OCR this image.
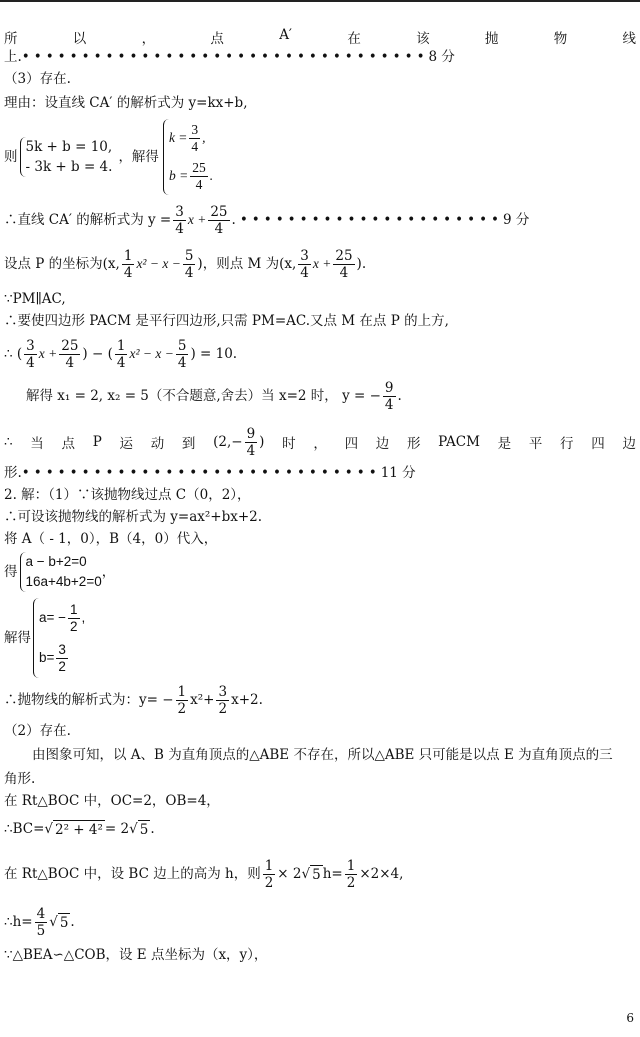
所	以	，	点	A′	在	该	抛	物	线
上.••••••••••••••••••••••••••••••••••8 分
（3）存在.
理由：设直线 CA′ 的解析式为 y=kx+b,
则
5k + b = 10,
- 3k + b = 4.
，解得
$k = \frac{3}{4}$ ,
$b = \frac{25}{4}$ .
∴直线 CA′ 的解析式为 $y = \frac{3}{4}$ $x + \frac{25}{4}$ . •••••••••••••••••••••• 9 分
设点 P 的坐标为(x, $\frac{1}{4} x^2 - x - \frac{5}{4}$ )，则点 M 为(x, $\frac{3}{4}$ $x + \frac{25}{4}$ ).
∵PM∥AC,
∴要使四边形 PACM 是平行四边形,只需 PM=AC.又点 M 在点 P 的上方,
∴ ( $\frac{3}{4}$ $x + \frac{25}{4}$ ) − ( $\frac{1}{4} x^2 - x - \frac{5}{4}$ ) = 10.
解得 x₁ = 2, x₂ = 5（不合题意,舍去）当 x=2 时， y = − $\frac{9}{4}$ .
∴ 当 点 P 运 动 到 ($2,- \frac{9}{4}$ ) 时 ， 四 边 形 PACM 是 平 行 四 边
形.••••••••••••••••••••••••••••••11 分
2. 解：（1）∵该抛物线过点 C（0，2），
∴可设该抛物线的解析式为 y=ax²+bx+2.
将 A（ - 1，0），B（4，0）代入，
得
a − b+2=0
16a+4b+2=0
，
解得
$a= - \frac{1}{2}$ ,
$b= \frac{3}{2}$
∴抛物线的解析式为：$y= - \frac{1}{2} x^2+ \frac{3}{2} x+2$.
（2）存在.
由图象可知，以 A、B 为直角顶点的△ABE 不存在，所以△ABE 只可能是以点 E 为直角顶点的三
角形.
在 Rt△BOC 中，OC=2，OB=4，
∴BC= √ 2² + 4² = 2 √ 5 .
在 Rt△BOC 中，设 BC 边上的高为 h，则 $\frac{1}{2} \times 2$ √ 5 $h= \frac{1}{2} \times 2\times 4$,
∴h= $\frac{4}{5}$ √ 5 .
∵△BEA∽△COB，设 E 点坐标为（x，y），
6
